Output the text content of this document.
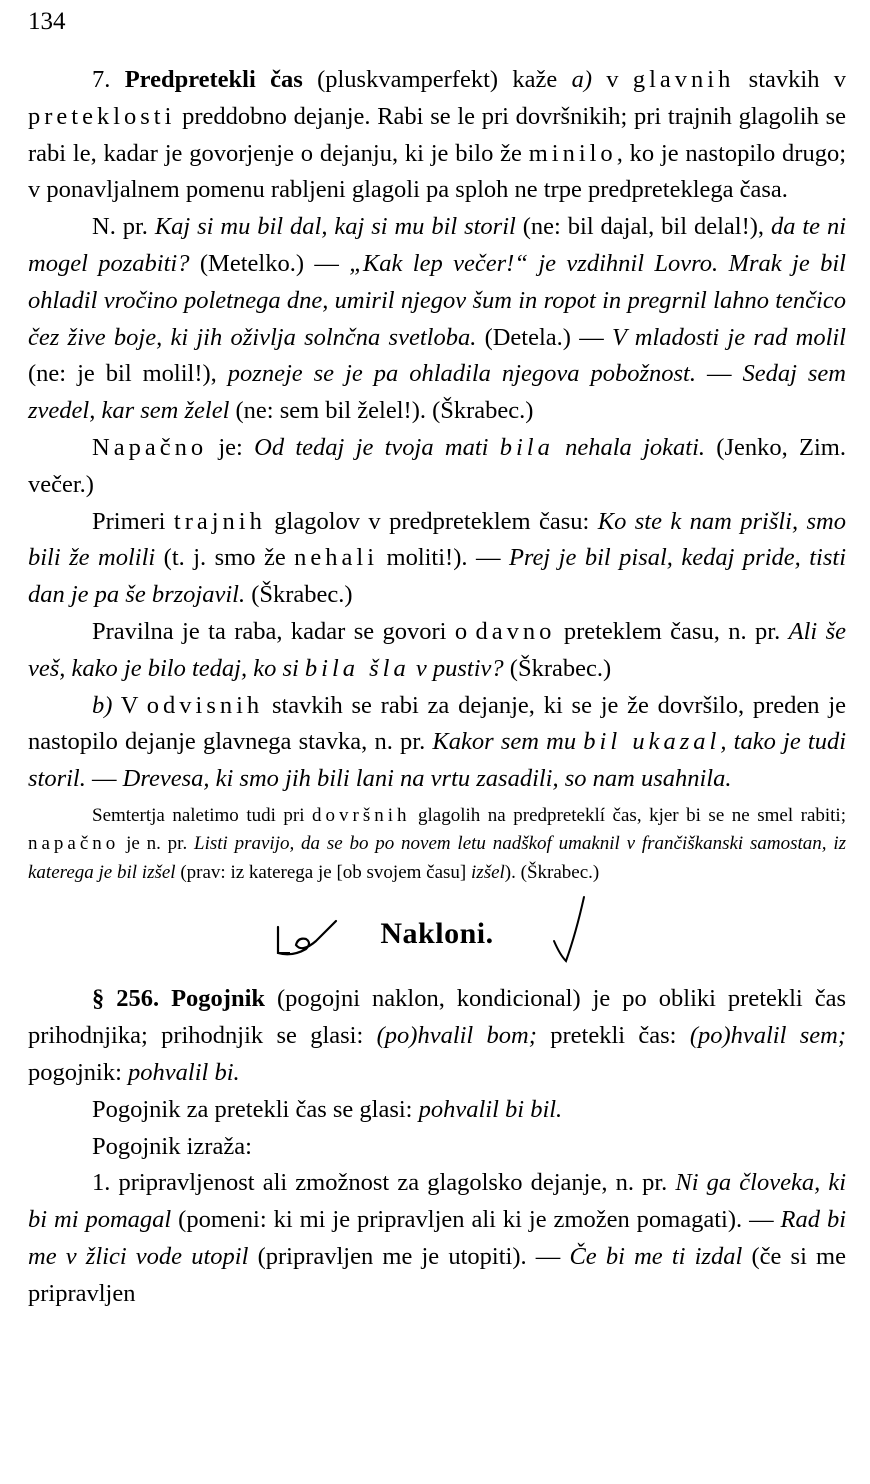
134

7. Predpretekli čas (pluskvamperfekt) kaže a) v glavnih stavkih v preteklosti preddobno dejanje. Rabi se le pri dovršnikih; pri trajnih glagolih se rabi le, kadar je govorjenje o dejanju, ki je bilo že minilo, ko je nastopilo drugo; v ponavljalnem pomenu rabljeni glagoli pa sploh ne trpe predpreteklega časa.

N. pr. Kaj si mu bil dal, kaj si mu bil storil (ne: bil dajal, bil delal!), da te ni mogel pozabiti? (Metelko.) — „Kak lep večer!“ je vzdihnil Lovro. Mrak je bil ohladil vročino poletnega dne, umiril njegov šum in ropot in pregrnil lahno tenčico čez žive boje, ki jih oživlja solnčna svetloba. (Detela.) — V mladosti je rad molil (ne: je bil molil!), pozneje se je pa ohladila njegova pobožnost. — Sedaj sem zvedel, kar sem želel (ne: sem bil želel!). (Škrabec.)

Napačno je: Od tedaj je tvoja mati bila nehala jokati. (Jenko, Zim. večer.)

Primeri trajnih glagolov v predpreteklem času: Ko ste k nam prišli, smo bili že molili (t. j. smo že nehali moliti!). — Prej je bil pisal, kedaj pride, tisti dan je pa še brzojavil. (Škrabec.)

Pravilna je ta raba, kadar se govori o davno preteklem času, n. pr. Ali še veš, kako je bilo tedaj, ko si bila šla v pustiv? (Škrabec.)

b) V odvisnih stavkih se rabi za dejanje, ki se je že dovršilo, preden je nastopilo dejanje glavnega stavka, n. pr. Kakor sem mu bil ukazal, tako je tudi storil. — Drevesa, ki smo jih bili lani na vrtu zasadili, so nam usahnila.

Semtertja naletimo tudi pri dovršnih glagolih na predpreteklí čas, kjer bi se ne smel rabiti; napačno je n. pr. Listi pravijo, da se bo po novem letu nadškof umaknil v frančiškanski samostan, iz katerega je bil izšel (prav: iz katerega je [ob svojem času] izšel). (Škrabec.)

Nakloni.

§ 256. Pogojnik (pogojni naklon, kondicional) je po obliki pretekli čas prihodnjika; prihodnjik se glasi: (po)hvalil bom; pretekli čas: (po)hvalil sem; pogojnik: pohvalil bi.

Pogojnik za pretekli čas se glasi: pohvalil bi bil.

Pogojnik izraža:

1. pripravljenost ali zmožnost za glagolsko dejanje, n. pr. Ni ga človeka, ki bi mi pomagal (pomeni: ki mi je pripravljen ali ki je zmožen pomagati). — Rad bi me v žlici vode utopil (pripravljen me je utopiti). — Če bi me ti izdal (če si me pripravljen
